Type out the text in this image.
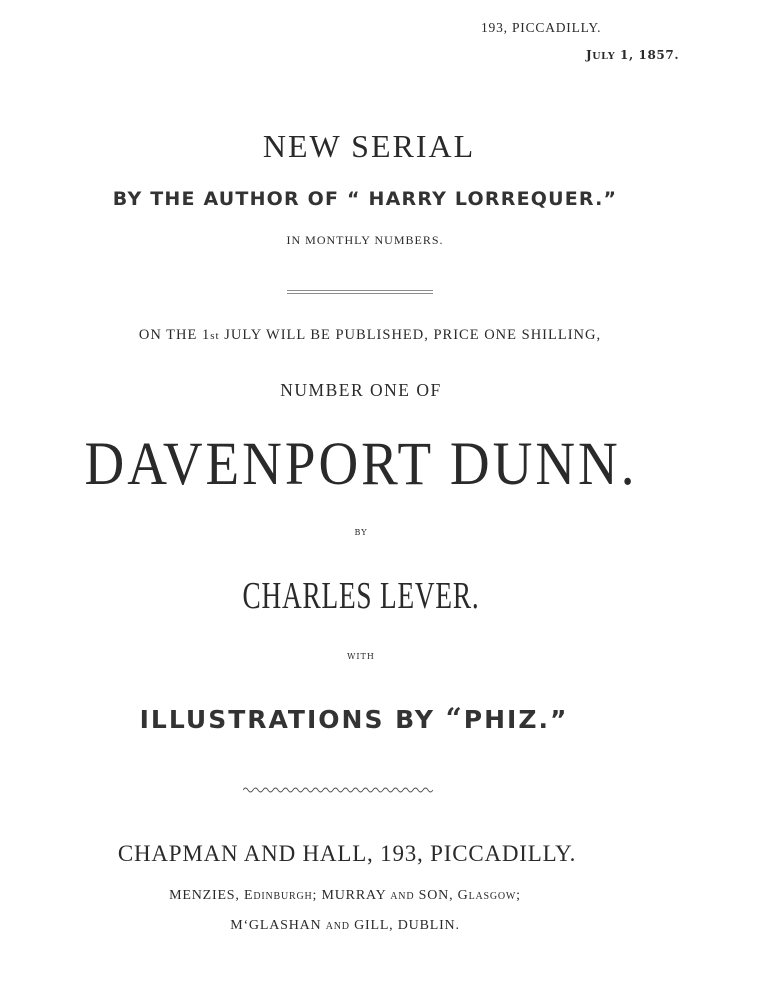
193, PICCADILLY.
JULY 1, 1857.
NEW SERIAL
BY THE AUTHOR OF “ HARRY LORREQUER.”
IN MONTHLY NUMBERS.
ON THE 1st JULY WILL BE PUBLISHED, PRICE ONE SHILLING,
NUMBER ONE OF
DAVENPORT DUNN.
BY
CHARLES LEVER.
WITH
ILLUSTRATIONS BY “PHIZ.”
CHAPMAN AND HALL, 193, PICCADILLY.
MENZIES, EDINBURGH; MURRAY AND SON, GLASGOW;
M‘GLASHAN AND GILL, DUBLIN.
